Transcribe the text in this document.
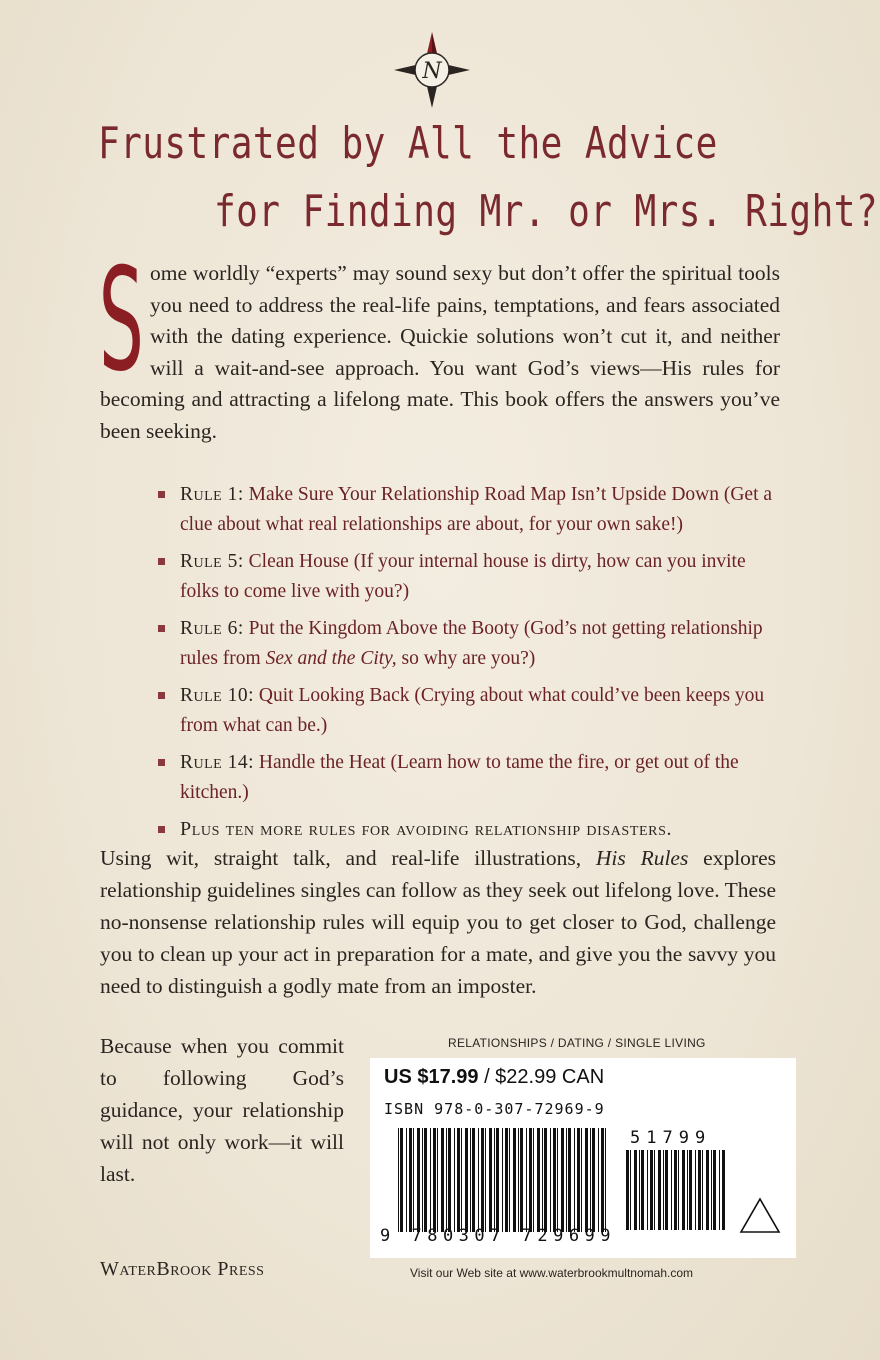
N
Frustrated by All the Advice
for Finding Mr. or Mrs. Right?
S ome worldly “experts” may sound sexy but don’t offer the spiritual tools you need to address the real-life pains, temptations, and fears associated with the dating experience. Quickie solutions won’t cut it, and neither will a wait-and-see approach. You want God’s views—His rules for becoming and attracting a lifelong mate. This book offers the answers you’ve been seeking.
Rule 1: Make Sure Your Relationship Road Map Isn’t Upside Down (Get a clue about what real relationships are about, for your own sake!)
Rule 5: Clean House (If your internal house is dirty, how can you invite folks to come live with you?)
Rule 6: Put the Kingdom Above the Booty (God’s not getting relationship rules from Sex and the City, so why are you?)
Rule 10: Quit Looking Back (Crying about what could’ve been keeps you from what can be.)
Rule 14: Handle the Heat (Learn how to tame the fire, or get out of the kitchen.)
Plus ten more rules for avoiding relationship disasters.
Using wit, straight talk, and real-life illustrations, His Rules explores relationship guidelines singles can follow as they seek out lifelong love. These no-nonsense relationship rules will equip you to get closer to God, challenge you to clean up your act in preparation for a mate, and give you the savvy you need to distinguish a godly mate from an imposter.
Because when you commit to following God’s guidance, your relationship will not only work—it will last.
WaterBrook Press
RELATIONSHIPS / DATING / SINGLE LIVING
US $17.99 / $22.99 CAN
ISBN 978-0-307-72969-9
51799
9 780307 729699
Visit our Web site at www.waterbrookmultnomah.com
